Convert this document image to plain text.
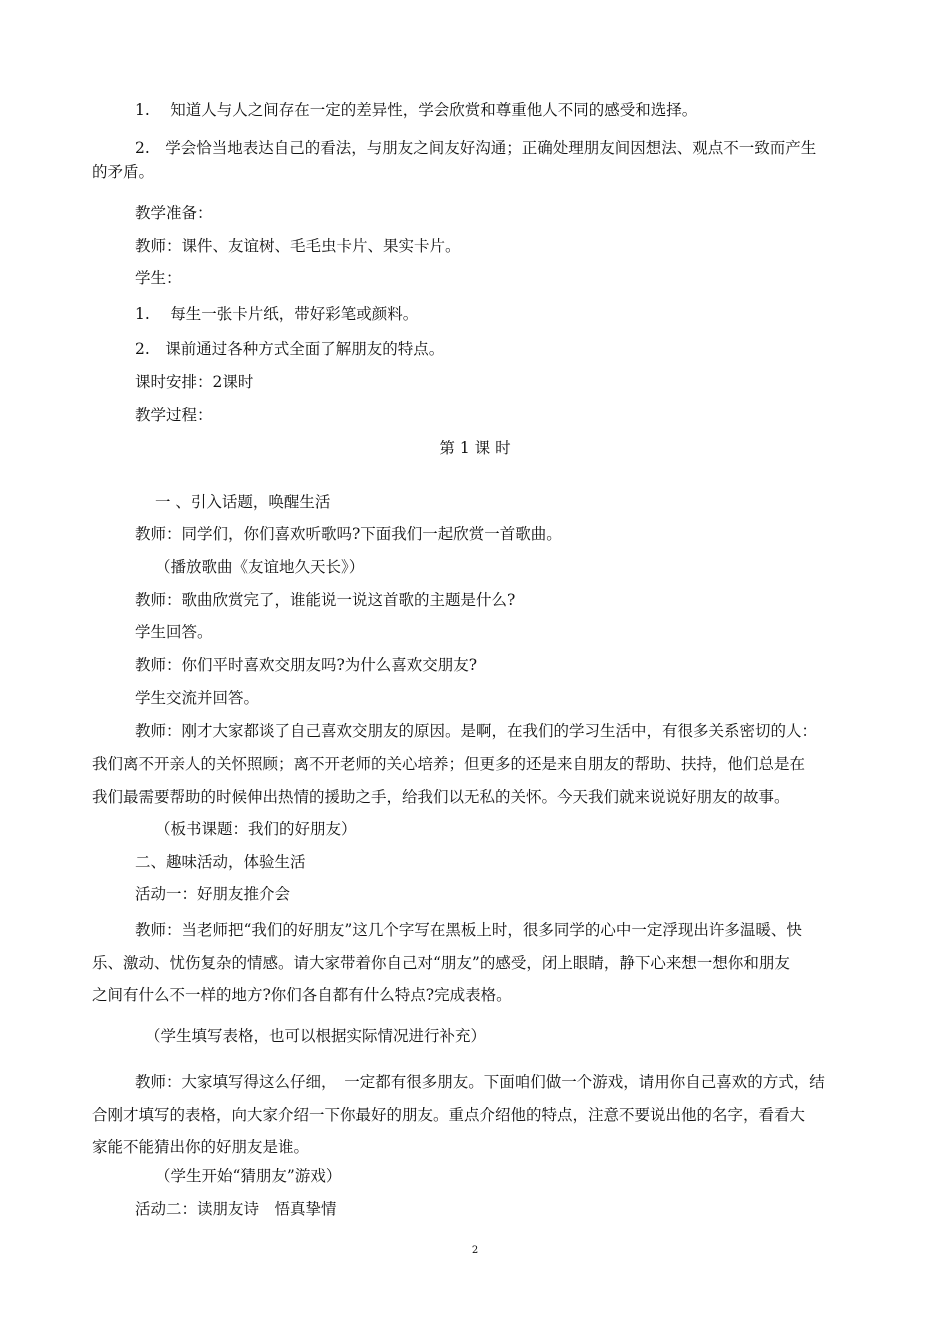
1.　 知道人与人之间存在一定的差异性，学会欣赏和尊重他人不同的感受和选择。
2.　学会恰当地表达自己的看法，与朋友之间友好沟通；正确处理朋友间因想法、观点不一致而产生
的矛盾。
教学准备：
教师：课件、友谊树、毛毛虫卡片、果实卡片。
学生：
1.　 每生一张卡片纸，带好彩笔或颜料。
2.　课前通过各种方式全面了解朋友的特点。
课时安排：2课时
教学过程：
第 1 课 时
一 、引入话题，唤醒生活
教师：同学们，你们喜欢听歌吗?下面我们一起欣赏一首歌曲。
（播放歌曲《友谊地久天长》）
教师：歌曲欣赏完了，谁能说一说这首歌的主题是什么?
学生回答。
教师：你们平时喜欢交朋友吗?为什么喜欢交朋友?
学生交流并回答。
教师：刚才大家都谈了自己喜欢交朋友的原因。是啊，在我们的学习生活中，有很多关系密切的人：
我们离不开亲人的关怀照顾；离不开老师的关心培养；但更多的还是来自朋友的帮助、扶持，他们总是在
我们最需要帮助的时候伸出热情的援助之手，给我们以无私的关怀。今天我们就来说说好朋友的故事。
（板书课题：我们的好朋友）
二、趣味活动，体验生活
活动一：好朋友推介会
教师：当老师把“我们的好朋友”这几个字写在黑板上时，很多同学的心中一定浮现出许多温暖、快
乐、激动、忧伤复杂的情感。请大家带着你自己对“朋友”的感受，闭上眼睛，静下心来想一想你和朋友
之间有什么不一样的地方?你们各自都有什么特点?完成表格。
（学生填写表格，也可以根据实际情况进行补充）
教师：大家填写得这么仔细，　一定都有很多朋友。下面咱们做一个游戏，请用你自己喜欢的方式，结
合刚才填写的表格，向大家介绍一下你最好的朋友。重点介绍他的特点，注意不要说出他的名字，看看大
家能不能猜出你的好朋友是谁。
（学生开始“猜朋友”游戏）
活动二：读朋友诗　悟真挚情
2
